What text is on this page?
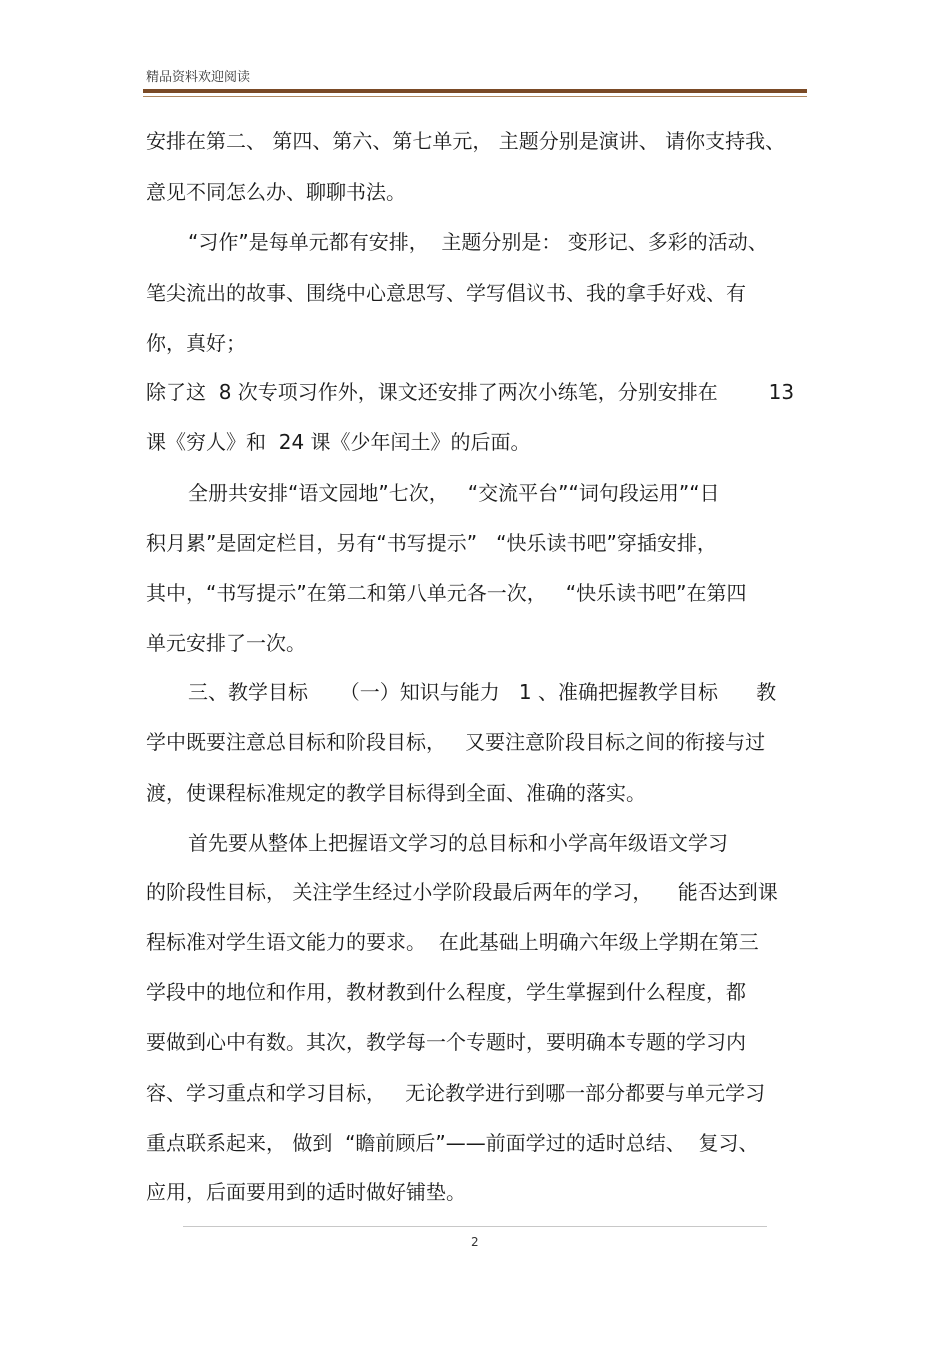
精品资料欢迎阅读
安排在第二、 第四、第六、第七单元， 主题分别是演讲、 请你支持我、
意见不同怎么办、聊聊书法。
“习作”是每单元都有安排，  主题分别是： 变形记、多彩的活动、
笔尖流出的故事、围绕中心意思写、学写倡议书、我的拿手好戏、有
你，真好；
除了这  8 次专项习作外，课文还安排了两次小练笔，分别安排在        13
课《穷人》和  24 课《少年闰土》的后面。
全册共安排“语文园地”七次，   “交流平台”“词句段运用”“日
积月累”是固定栏目，另有“书写提示”   “快乐读书吧”穿插安排，
其中，“书写提示”在第二和第八单元各一次，   “快乐读书吧”在第四
单元安排了一次。
三、教学目标     （一）知识与能力   1 、准确把握教学目标      教
学中既要注意总目标和阶段目标，   又要注意阶段目标之间的衔接与过
渡，使课程标准规定的教学目标得到全面、准确的落实。
首先要从整体上把握语文学习的总目标和小学高年级语文学习
的阶段性目标， 关注学生经过小学阶段最后两年的学习，    能否达到课
程标准对学生语文能力的要求。  在此基础上明确六年级上学期在第三
学段中的地位和作用，教材教到什么程度，学生掌握到什么程度，都
要做到心中有数。其次，教学每一个专题时，要明确本专题的学习内
容、学习重点和学习目标，   无论教学进行到哪一部分都要与单元学习
重点联系起来， 做到  “瞻前顾后”——前面学过的适时总结、  复习、
应用，后面要用到的适时做好铺垫。
2
